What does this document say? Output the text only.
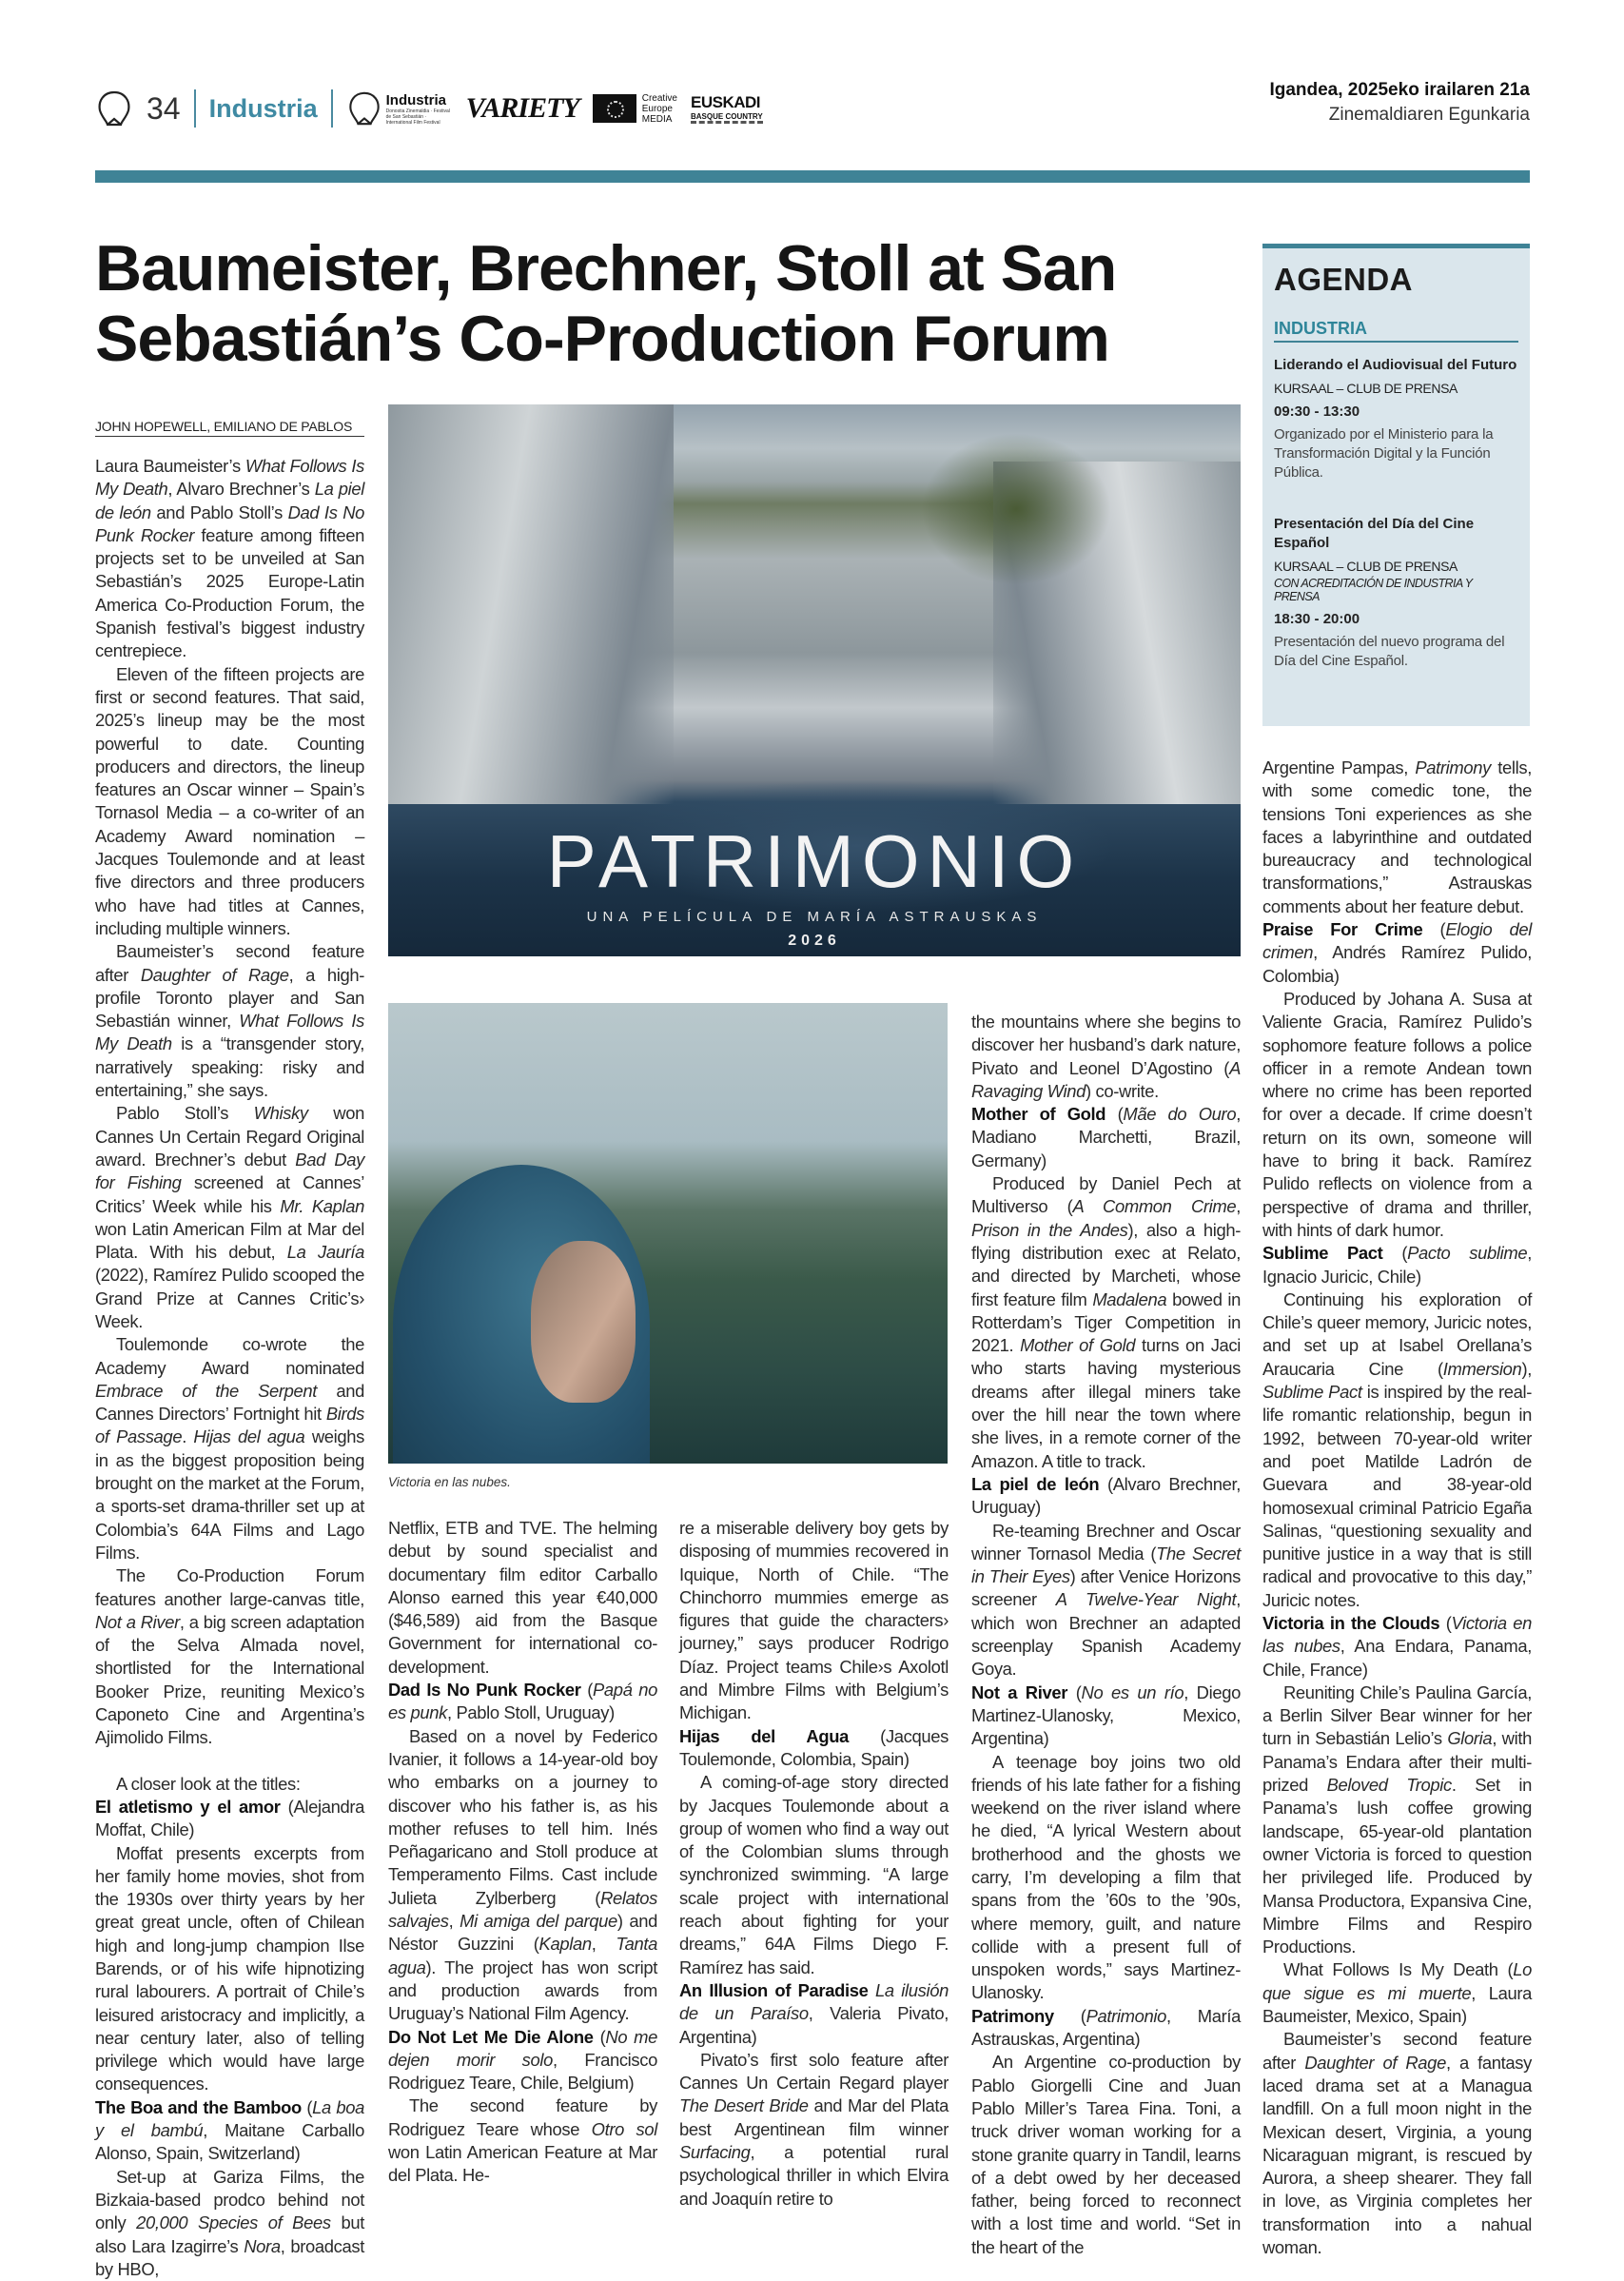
34 Industria	Industria
Donostia Zinemaldia · Festival de San Sebastián · International Film Festival VARIETY	Creative
Europe
MEDIA
EUSKADI
BASQUE COUNTRY
Igandea, 2025eko irailaren 21a
Zinemaldiaren Egunkaria
Baumeister, Brechner, Stoll at San Sebastián’s Co-Production Forum
AGENDA
INDUSTRIA
Liderando el Audiovisual del Futuro
KURSAAL – CLUB DE PRENSA
09:30 - 13:30
Organizado por el Ministerio para la Transformación Digital y la Función Pública.
Presentación del Día del Cine Español
KURSAAL – CLUB DE PRENSA
CON ACREDITACIÓN DE INDUSTRIA Y PRENSA
18:30 - 20:00
Presentación del nuevo programa del Día del Cine Español.
JOHN HOPEWELL, EMILIANO DE PABLOS
PATRIMONIO
UNA PELÍCULA DE MARÍA ASTRAUSKAS
2026
Victoria en las nubes.

Laura Baumeister’s What Follows Is My Death, Alvaro Brechner’s La piel de león and Pablo Stoll’s Dad Is No Punk Rocker feature among fifteen projects set to be unveiled at San Sebastián’s 2025 Europe-Latin America Co-Production Forum, the Spanish festival’s biggest industry centrepiece.

Eleven of the fifteen projects are first or second features. That said, 2025’s lineup may be the most powerful to date. Counting producers and directors, the lineup features an Oscar winner – Spain’s Tornasol Media – a co-writer of an Academy Award nomination – Jacques Toulemonde and at least five directors and three producers who have had titles at Cannes, including multiple winners.

Baumeister’s second feature after Daughter of Rage, a high-profile Toronto player and San Sebastián winner, What Follows Is My Death is a “transgender story, narratively speaking: risky and entertaining,” she says.

Pablo Stoll’s Whisky won Cannes Un Certain Regard Original award. Brechner’s debut Bad Day for Fishing screened at Cannes’ Critics’ Week while his Mr. Kaplan won Latin American Film at Mar del Plata. With his debut, La Jauría (2022), Ramírez Pulido scooped the Grand Prize at Cannes Critic’s› Week.

Toulemonde co-wrote the Academy Award nominated Embrace of the Serpent and Cannes Directors’ Fortnight hit Birds of Passage. Hijas del agua weighs in as the biggest proposition being brought on the market at the Forum, a sports-set drama-thriller set up at Colombia’s 64A Films and Lago Films.

The Co-Production Forum features another large-canvas title, Not a River, a big screen adaptation of the Selva Almada novel, shortlisted for the International Booker Prize, reuniting Mexico’s Caponeto Cine and Argentina’s Ajimolido Films.

A closer look at the titles:

El atletismo y el amor (Alejandra Moffat, Chile)

Moffat presents excerpts from her family home movies, shot from the 1930s over thirty years by her great great uncle, often of Chilean high and long-jump champion Ilse Barends, or of his wife hipnotizing rural labourers. A portrait of Chile’s leisured aristocracy and implicitly, a near century later, also of telling privilege which would have large consequences.

The Boa and the Bamboo (La boa y el bambú, Maitane Carballo Alonso, Spain, Switzerland)

Set-up at Gariza Films, the Bizkaia-based prodco behind not only 20,000 Species of Bees but also Lara Izagirre’s Nora, broadcast by HBO,

Netflix, ETB and TVE. The helming debut by sound specialist and documentary film editor Carballo Alonso earned this year €40,000 ($46,589) aid from the Basque Government for international co-development.

Dad Is No Punk Rocker (Papá no es punk, Pablo Stoll, Uruguay)

Based on a novel by Federico Ivanier, it follows a 14-year-old boy who embarks on a journey to discover who his father is, as his mother refuses to tell him. Inés Peñagaricano and Stoll produce at Temperamento Films. Cast include Julieta Zylberberg (Relatos salvajes, Mi amiga del parque) and Néstor Guzzini (Kaplan, Tanta agua). The project has won script and production awards from Uruguay’s National Film Agency.

Do Not Let Me Die Alone (No me dejen morir solo, Francisco Rodriguez Teare, Chile, Belgium)

The second feature by Rodriguez Teare whose Otro sol won Latin American Feature at Mar del Plata. He-

re a miserable delivery boy gets by disposing of mummies recovered in Iquique, North of Chile. “The Chinchorro mummies emerge as figures that guide the characters› journey,” says producer Rodrigo Díaz. Project teams Chile›s Axolotl and Mimbre Films with Belgium’s Michigan.

Hijas del Agua (Jacques Toulemonde, Colombia, Spain)

A coming-of-age story directed by Jacques Toulemonde about a group of women who find a way out of the Colombian slums through synchronized swimming. “A large scale project with international reach about fighting for your dreams,” 64A Films Diego F. Ramírez has said.

An Illusion of Paradise La ilusión de un Paraíso, Valeria Pivato, Argentina)

Pivato’s first solo feature after Cannes Un Certain Regard player The Desert Bride and Mar del Plata best Argentinean film winner Surfacing, a potential rural psychological thriller in which Elvira and Joaquín retire to

the mountains where she begins to discover her husband’s dark nature, Pivato and Leonel D’Agostino (A Ravaging Wind) co-write.

Mother of Gold (Mãe do Ouro, Madiano Marchetti, Brazil, Germany)

Produced by Daniel Pech at Multiverso (A Common Crime, Prison in the Andes), also a high-flying distribution exec at Relato, and directed by Marcheti, whose first feature film Madalena bowed in Rotterdam’s Tiger Competition in 2021. Mother of Gold turns on Jaci who starts having mysterious dreams after illegal miners take over the hill near the town where she lives, in a remote corner of the Amazon. A title to track.

La piel de león (Alvaro Brechner, Uruguay)

Re-teaming Brechner and Oscar winner Tornasol Media (The Secret in Their Eyes) after Venice Horizons screener A Twelve-Year Night, which won Brechner an adapted screenplay Spanish Academy Goya.

Not a River (No es un río, Diego Martinez-Ulanosky, Mexico, Argentina)

A teenage boy joins two old friends of his late father for a fishing weekend on the river island where he died, “A lyrical Western about brotherhood and the ghosts we carry, I’m developing a film that spans from the ’60s to the ’90s, where memory, guilt, and nature collide with a present full of unspoken words,” says Martinez-Ulanosky.

Patrimony (Patrimonio, María Astrauskas, Argentina)

An Argentine co-production by Pablo Giorgelli Cine and Juan Pablo Miller’s Tarea Fina. Toni, a truck driver woman working for a stone granite quarry in Tandil, learns of a debt owed by her deceased father, being forced to reconnect with a lost time and world. “Set in the heart of the

Argentine Pampas, Patrimony tells, with some comedic tone, the tensions Toni experiences as she faces a labyrinthine and outdated bureaucracy and technological transformations,” Astrauskas comments about her feature debut.

Praise For Crime (Elogio del crimen, Andrés Ramírez Pulido, Colombia)

Produced by Johana A. Susa at Valiente Gracia, Ramírez Pulido’s sophomore feature follows a police officer in a remote Andean town where no crime has been reported for over a decade. If crime doesn’t return on its own, someone will have to bring it back. Ramírez Pulido reflects on violence from a perspective of drama and thriller, with hints of dark humor.

Sublime Pact (Pacto sublime, Ignacio Juricic, Chile)

Continuing his exploration of Chile’s queer memory, Juricic notes, and set up at Isabel Orellana’s Araucaria Cine (Immersion), Sublime Pact is inspired by the real-life romantic relationship, begun in 1992, between 70-year-old writer and poet Matilde Ladrón de Guevara and 38-year-old homosexual criminal Patricio Egaña Salinas, “questioning sexuality and punitive justice in a way that is still radical and provocative to this day,” Juricic notes.

Victoria in the Clouds (Victoria en las nubes, Ana Endara, Panama, Chile, France)

Reuniting Chile’s Paulina García, a Berlin Silver Bear winner for her turn in Sebastián Lelio’s Gloria, with Panama’s Endara after their multi-prized Beloved Tropic. Set in Panama’s lush coffee growing landscape, 65-year-old plantation owner Victoria is forced to question her privileged life. Produced by Mansa Productora, Expansiva Cine, Mimbre Films and Respiro Productions.

What Follows Is My Death (Lo que sigue es mi muerte, Laura Baumeister, Mexico, Spain)

Baumeister’s second feature after Daughter of Rage, a fantasy laced drama set at a Managua landfill. On a full moon night in the Mexican desert, Virginia, a young Nicaraguan migrant, is rescued by Aurora, a sheep shearer. They fall in love, as Virginia completes her transformation into a nahual woman.
